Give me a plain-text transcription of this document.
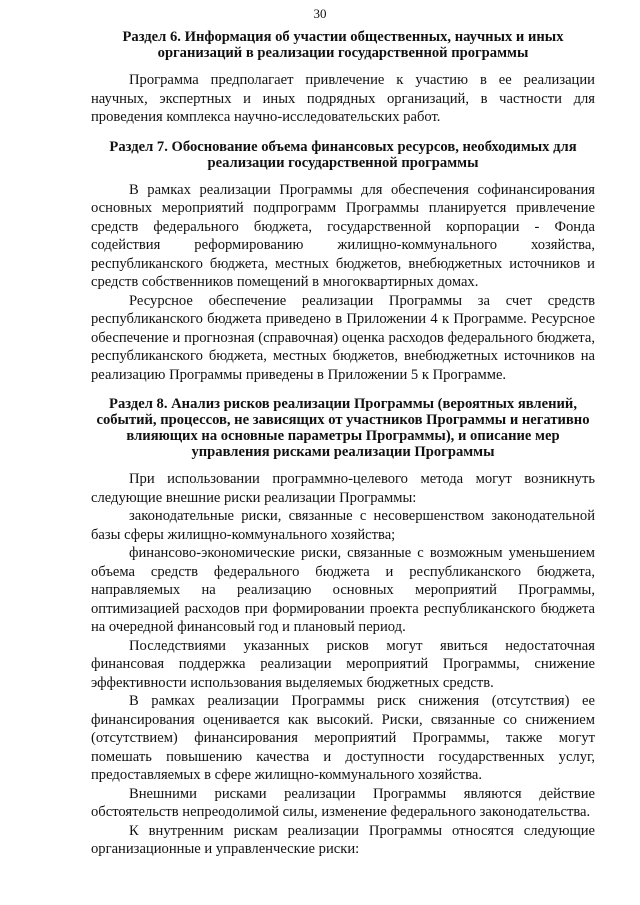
30
Раздел 6. Информация об участии общественных, научных и иных организаций в реализации государственной программы

Программа предполагает привлечение к участию в ее реализации научных, экспертных и иных подрядных организаций, в частности для проведения комплекса научно-исследовательских работ.

Раздел 7. Обоснование объема финансовых ресурсов, необходимых для реализации государственной программы

В рамках реализации Программы для обеспечения софинансирования основных мероприятий подпрограмм Программы планируется привлечение средств федерального бюджета, государственной корпорации - Фонда содействия реформированию жилищно-коммунального хозяйства, республиканского бюджета, местных бюджетов, внебюджетных источников и средств собственников помещений в многоквартирных домах.

Ресурсное обеспечение реализации Программы за счет средств республиканского бюджета приведено в Приложении 4 к Программе. Ресурсное обеспечение и прогнозная (справочная) оценка расходов федерального бюджета, республиканского бюджета, местных бюджетов, внебюджетных источников на реализацию Программы приведены в Приложении 5 к Программе.

Раздел 8. Анализ рисков реализации Программы (вероятных явлений, событий, процессов, не зависящих от участников Программы и негативно влияющих на основные параметры Программы), и описание мер управления рисками реализации Программы

При использовании программно-целевого метода могут возникнуть следующие внешние риски реализации Программы:

законодательные риски, связанные с несовершенством законодательной базы сферы жилищно-коммунального хозяйства;

финансово-экономические риски, связанные с возможным уменьшением объема средств федерального бюджета и республиканского бюджета, направляемых на реализацию основных мероприятий Программы, оптимизацией расходов при формировании проекта республиканского бюджета на очередной финансовый год и плановый период.

Последствиями указанных рисков могут явиться недостаточная финансовая поддержка реализации мероприятий Программы, снижение эффективности использования выделяемых бюджетных средств.

В рамках реализации Программы риск снижения (отсутствия) ее финансирования оценивается как высокий. Риски, связанные со снижением (отсутствием) финансирования мероприятий Программы, также могут помешать повышению качества и доступности государственных услуг, предоставляемых в сфере жилищно-коммунального хозяйства.

Внешними рисками реализации Программы являются действие обстоятельств непреодолимой силы, изменение федерального законодательства.

К внутренним рискам реализации Программы относятся следующие организационные и управленческие риски:
